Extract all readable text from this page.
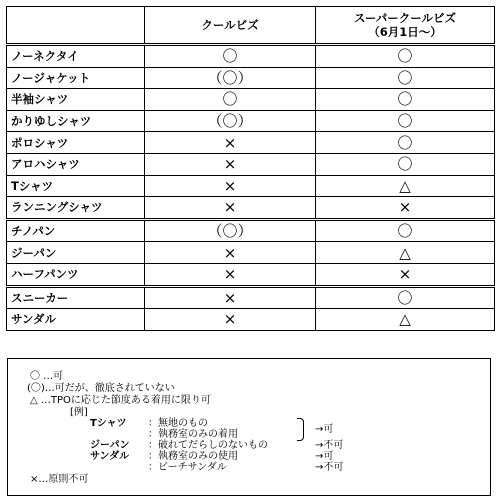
	クールビズ	スーパークールビズ
（6月1日～）

ノーネクタイ	〇	〇
ノージャケット	（〇）	〇
半袖シャツ	〇	〇
かりゆしシャツ	（〇）	〇
ポロシャツ	×	〇
アロハシャツ	×	〇
Tシャツ	×	△
ランニングシャツ	×	×
チノパン	（〇）	〇
ジーパン	×	△
ハーフパンツ	×	×
スニーカー	×	〇
サンダル	×	△
〇 …可
(〇)…可だが、徹底されていない
△ …TPOに応じた節度ある着用に限り可
[例]
Tシャツ ：無地のもの
：執務室のみの着用	→可
ジーパン ：破れてだらしのないもの	→不可
サンダル ：執務室のみの使用	→可
：ビーチサンダル	→不可
×…原則不可
